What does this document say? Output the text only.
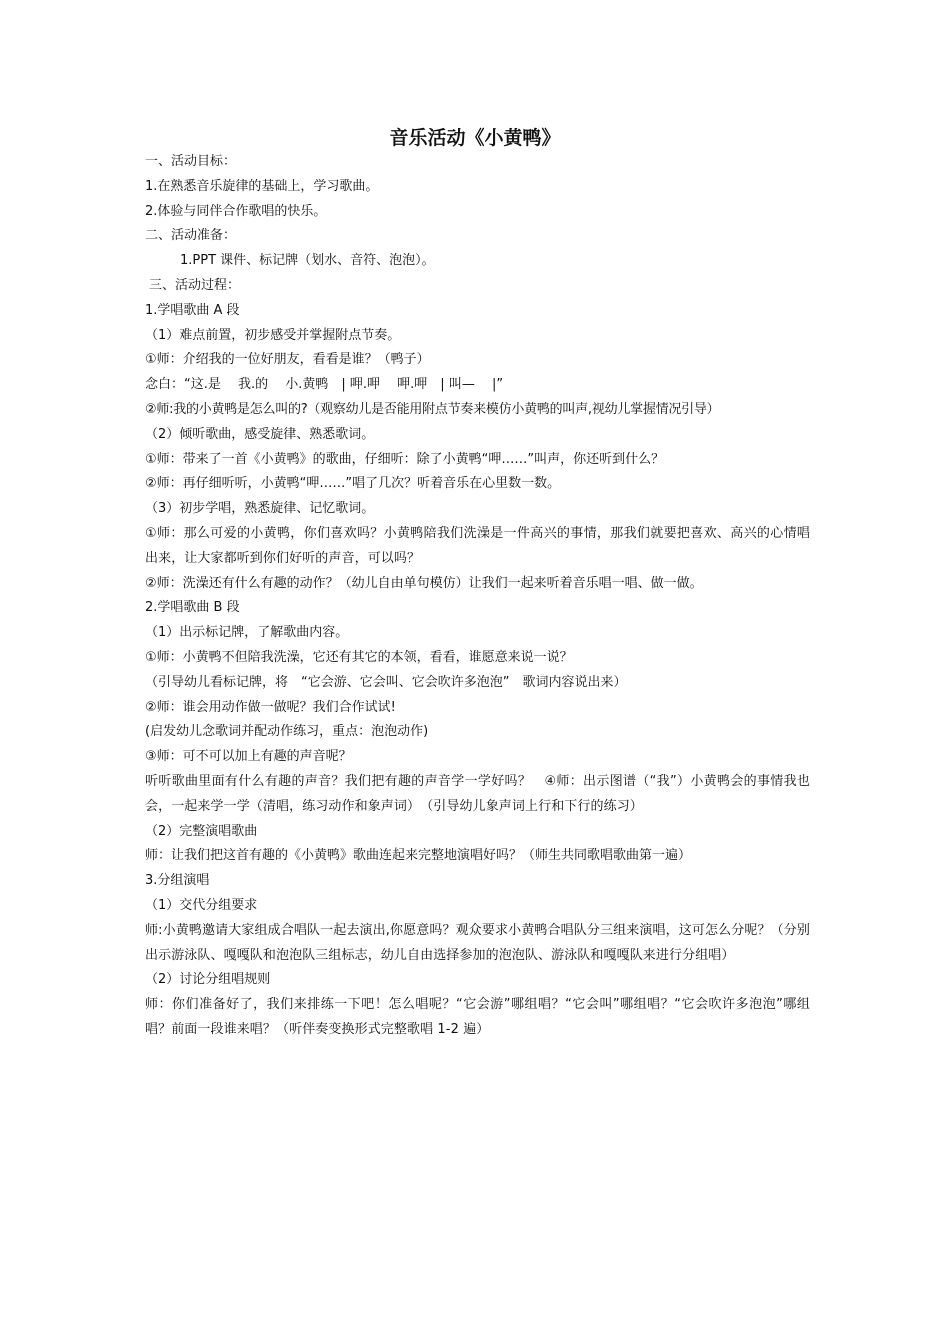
音乐活动《小黄鸭》

一、活动目标：

1.在熟悉音乐旋律的基础上，学习歌曲。

2.体验与同伴合作歌唱的快乐。

二、活动准备：

1.PPT 课件、标记牌（划水、音符、泡泡）。

三、活动过程：

1.学唱歌曲 A 段

（1）难点前置，初步感受并掌握附点节奏。

①师：介绍我的一位好朋友，看看是谁？（鸭子）

念白：“这.是　 我.的　 小.黄鸭　| 呷.呷　 呷.呷　| 叫—　 |”

②师:我的小黄鸭是怎么叫的?（观察幼儿是否能用附点节奏来模仿小黄鸭的叫声,视幼儿掌握情况引导）

（2）倾听歌曲，感受旋律、熟悉歌词。

①师：带来了一首《小黄鸭》的歌曲，仔细听：除了小黄鸭“呷……”叫声，你还听到什么？

②师：再仔细听听，小黄鸭“呷……”唱了几次？听着音乐在心里数一数。

（3）初步学唱，熟悉旋律、记忆歌词。

①师：那么可爱的小黄鸭，你们喜欢吗？小黄鸭陪我们洗澡是一件高兴的事情，那我们就要把喜欢、高兴的心情唱出来，让大家都听到你们好听的声音，可以吗？

②师：洗澡还有什么有趣的动作？（幼儿自由单句模仿）让我们一起来听着音乐唱一唱、做一做。

2.学唱歌曲 B 段

（1）出示标记牌，了解歌曲内容。

①师：小黄鸭不但陪我洗澡，它还有其它的本领，看看，谁愿意来说一说？

（引导幼儿看标记牌，将　“它会游、它会叫、它会吹许多泡泡”　歌词内容说出来）

②师：谁会用动作做一做呢？我们合作试试!

(启发幼儿念歌词并配动作练习，重点：泡泡动作)

③师：可不可以加上有趣的声音呢？

听听歌曲里面有什么有趣的声音？我们把有趣的声音学一学好吗？　④师：出示图谱（“我”）小黄鸭会的事情我也会，一起来学一学（清唱，练习动作和象声词）　（引导幼儿象声词上行和下行的练习）

（2）完整演唱歌曲

师：让我们把这首有趣的《小黄鸭》歌曲连起来完整地演唱好吗？（师生共同歌唱歌曲第一遍）

3.分组演唱

（1）交代分组要求

师:小黄鸭邀请大家组成合唱队一起去演出,你愿意吗？观众要求小黄鸭合唱队分三组来演唱，这可怎么分呢？（分别出示游泳队、嘎嘎队和泡泡队三组标志，幼儿自由选择参加的泡泡队、游泳队和嘎嘎队来进行分组唱）

（2）讨论分组唱规则

师：你们准备好了，我们来排练一下吧！怎么唱呢？“它会游”哪组唱？“它会叫”哪组唱？“它会吹许多泡泡”哪组唱？前面一段谁来唱？（听伴奏变换形式完整歌唱 1-2 遍）
